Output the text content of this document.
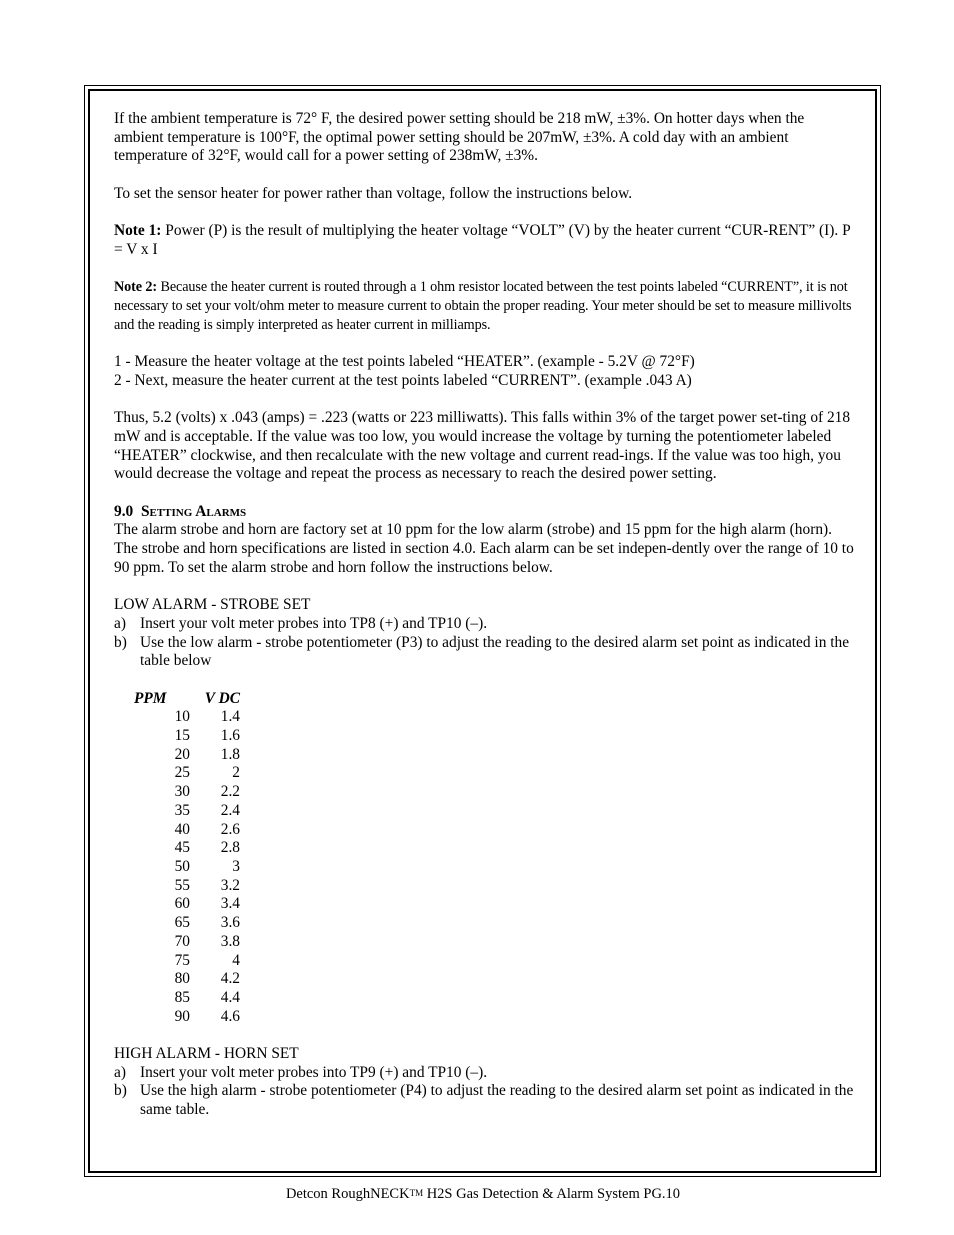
If the ambient temperature is 72° F, the desired power setting should be 218 mW, ±3%. On hotter days when the ambient temperature is 100°F, the optimal power setting should be 207mW, ±3%. A cold day with an ambient temperature of 32°F, would call for a power setting of 238mW, ±3%.

To set the sensor heater for power rather than voltage, follow the instructions below.

Note 1: Power (P) is the result of multiplying the heater voltage “VOLT” (V) by the heater current “CUR-RENT” (I). P = V x I

Note 2: Because the heater current is routed through a 1 ohm resistor located between the test points labeled “CURRENT”, it is not necessary to set your volt/ohm meter to measure current to obtain the proper reading. Your meter should be set to measure millivolts and the reading is simply interpreted as heater current in milliamps.

1 - Measure the heater voltage at the test points labeled “HEATER”. (example - 5.2V @ 72°F)

2 - Next, measure the heater current at the test points labeled “CURRENT”. (example .043 A)

Thus, 5.2 (volts) x .043 (amps) = .223 (watts or 223 milliwatts). This falls within 3% of the target power set-ting of 218 mW and is acceptable. If the value was too low, you would increase the voltage by turning the potentiometer labeled “HEATER” clockwise, and then recalculate with the new voltage and current read-ings. If the value was too high, you would decrease the voltage and repeat the process as necessary to reach the desired power setting.

9.0 Setting Alarms

The alarm strobe and horn are factory set at 10 ppm for the low alarm (strobe) and 15 ppm for the high alarm (horn). The strobe and horn specifications are listed in section 4.0. Each alarm can be set indepen-dently over the range of 10 to 90 ppm. To set the alarm strobe and horn follow the instructions below.

LOW ALARM - STROBE SET

a) Insert your volt meter probes into TP8 (+) and TP10 (–).
b) Use the low alarm - strobe potentiometer (P3) to adjust the reading to the desired alarm set point as indicated in the table below
PPM	V DC
10	1.4
15	1.6
20	1.8
25	2
30	2.2
35	2.4
40	2.6
45	2.8
50	3
55	3.2
60	3.4
65	3.6
70	3.8
75	4
80	4.2
85	4.4
90	4.6

HIGH ALARM - HORN SET

a) Insert your volt meter probes into TP9 (+) and TP10 (–).
b) Use the high alarm - strobe potentiometer (P4) to adjust the reading to the desired alarm set point as indicated in the same table.
Detcon RoughNECKTM H2S Gas Detection & Alarm System PG.10
